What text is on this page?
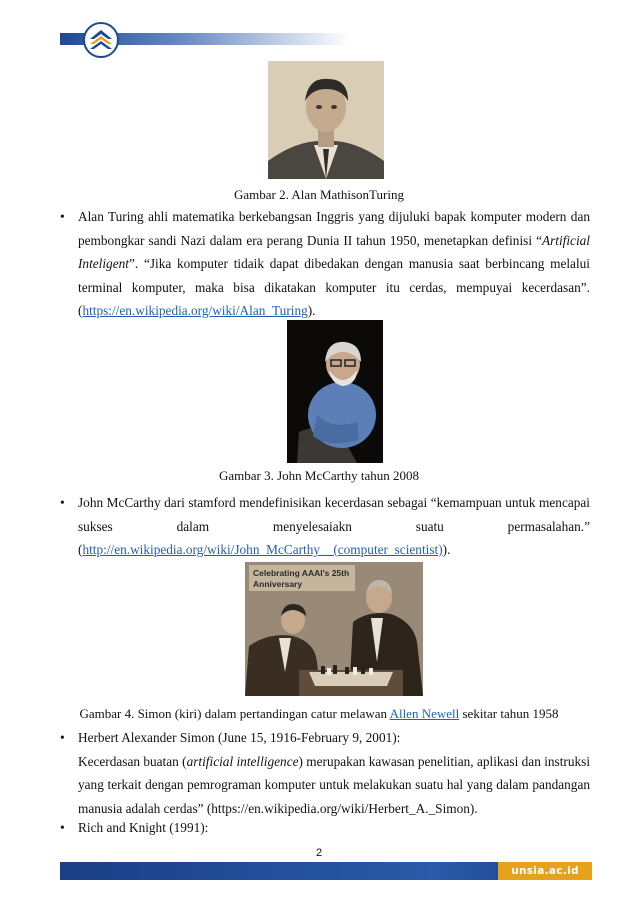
Gambar 2. Alan MathisonTuring
• Alan Turing ahli matematika berkebangsan Inggris yang dijuluki bapak komputer modern dan
pembongkar sandi Nazi dalam era perang Dunia II tahun 1950, menetapkan definisi “Artificial
Inteligent”. “Jika komputer tidaik dapat dibedakan dengan manusia saat berbincang melalui
terminal komputer, maka bisa dikatakan komputer itu cerdas, mempuyai kecerdasan”.
(https://en.wikipedia.org/wiki/Alan_Turing).
Gambar 3. John McCarthy tahun 2008
• John McCarthy dari stamford mendefinisikan kecerdasan sebagai “kemampuan untuk mencapai
sukses dalam menyelesaiakn suatu permasalahan.”
(http://en.wikipedia.org/wiki/John_McCarthy__(computer_scientist)).
Celebrating AAAI's 25th
Anniversary
Gambar 4. Simon (kiri) dalam pertandingan catur melawan Allen Newell sekitar tahun 1958
• Herbert Alexander Simon (June 15, 1916-February 9, 2001):
Kecerdasan buatan (artificial intelligence) merupakan kawasan penelitian, aplikasi dan instruksi
yang terkait dengan pemrograman komputer untuk melakukan suatu hal yang dalam pandangan
manusia adalah cerdas” (https://en.wikipedia.org/wiki/Herbert_A._Simon).
• Rich and Knight (1991):
2
unsia.ac.id
